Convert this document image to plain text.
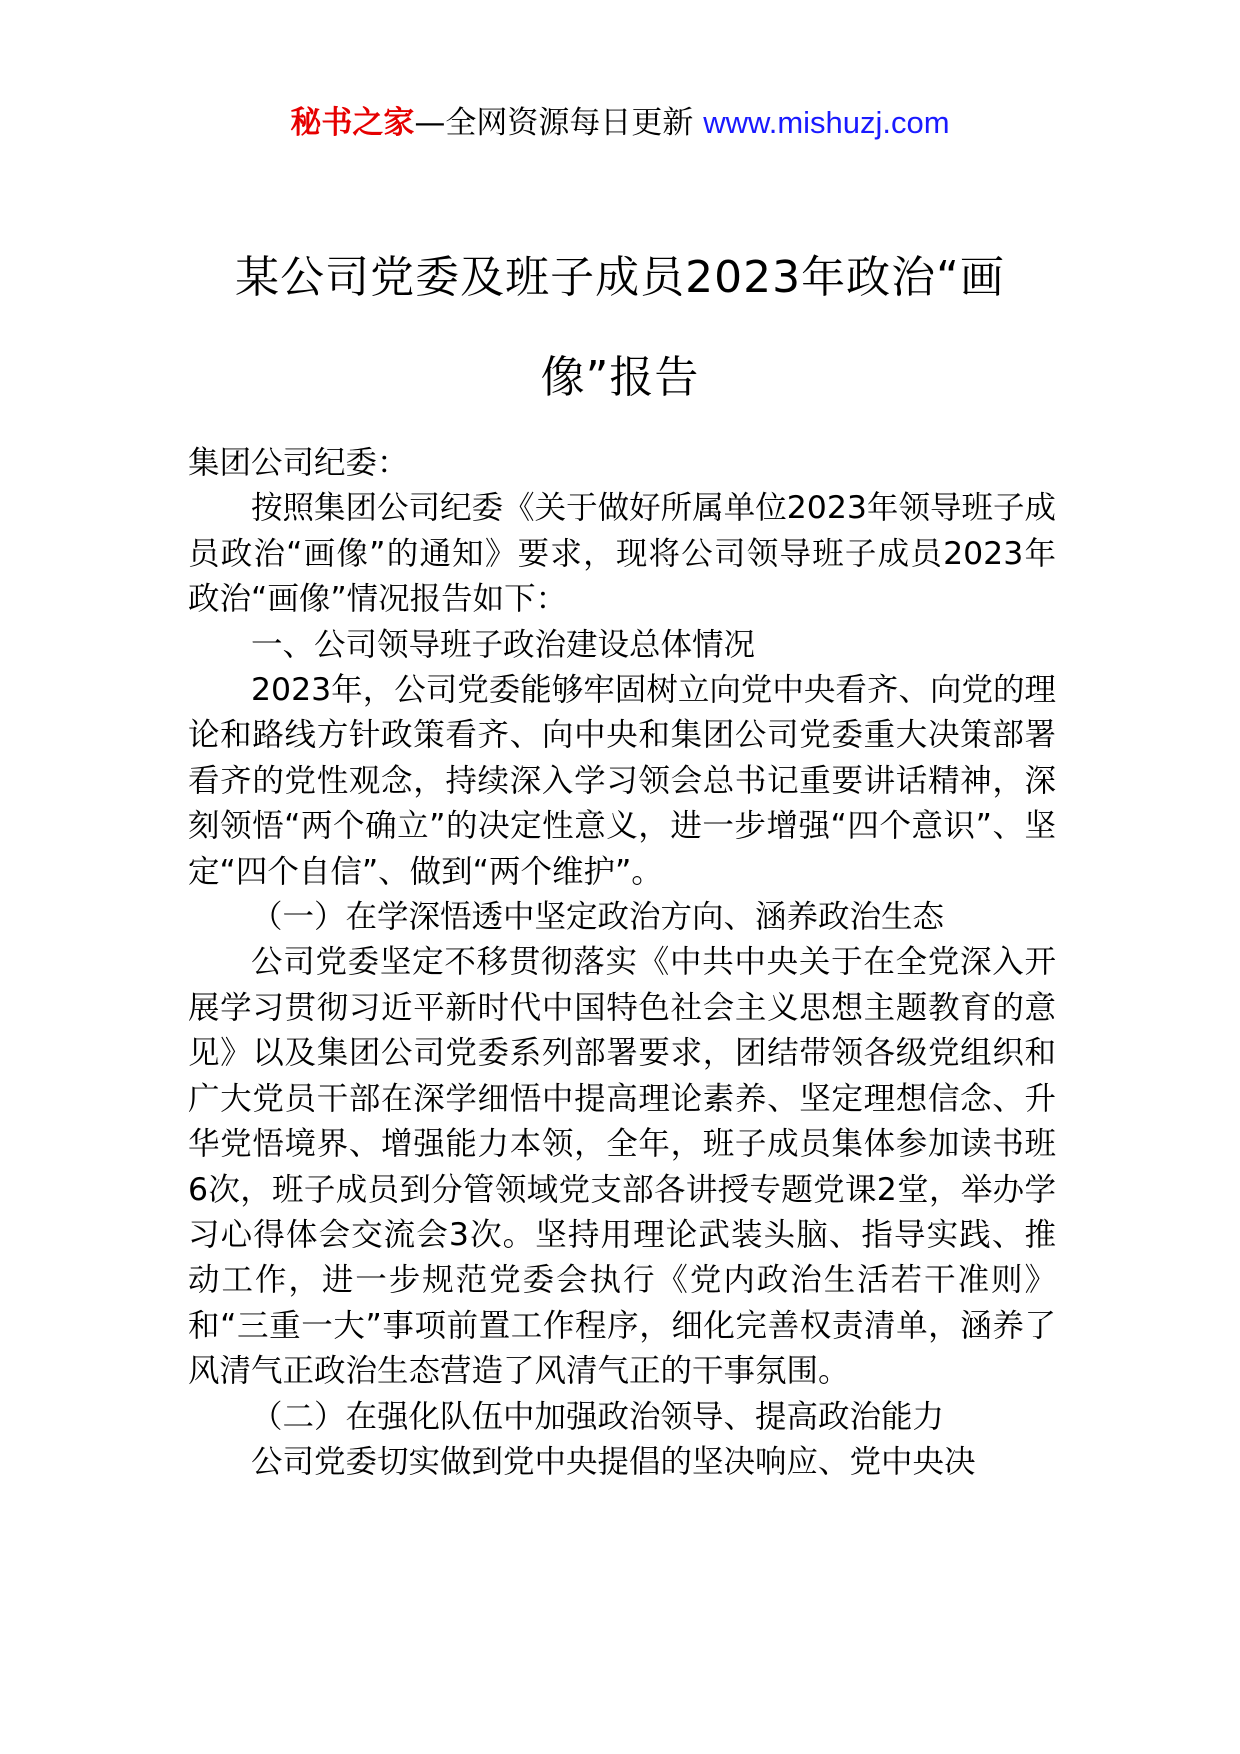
秘书之家—全网资源每日更新 www.mishuzj.com
某公司党委及班子成员2023年政治“画
像”报告

集团公司纪委：

按照集团公司纪委《关于做好所属单位2023年领导班子成员政治“画像”的通知》要求，现将公司领导班子成员2023年政治“画像”情况报告如下：

一、公司领导班子政治建设总体情况

2023年，公司党委能够牢固树立向党中央看齐、向党的理论和路线方针政策看齐、向中央和集团公司党委重大决策部署看齐的党性观念，持续深入学习领会总书记重要讲话精神，深刻领悟“两个确立”的决定性意义，进一步增强“四个意识”、坚定“四个自信”、做到“两个维护”。

（一）在学深悟透中坚定政治方向、涵养政治生态

公司党委坚定不移贯彻落实《中共中央关于在全党深入开展学习贯彻习近平新时代中国特色社会主义思想主题教育的意见》以及集团公司党委系列部署要求，团结带领各级党组织和广大党员干部在深学细悟中提高理论素养、坚定理想信念、升华党悟境界、增强能力本领，全年，班子成员集体参加读书班6次，班子成员到分管领域党支部各讲授专题党课2堂，举办学习心得体会交流会3次。坚持用理论武装头脑、指导实践、推动工作，进一步规范党委会执行《党内政治生活若干准则》和“三重一大”事项前置工作程序，细化完善权责清单，涵养了风清气正政治生态营造了风清气正的干事氛围。

（二）在强化队伍中加强政治领导、提高政治能力

公司党委切实做到党中央提倡的坚决响应、党中央决
